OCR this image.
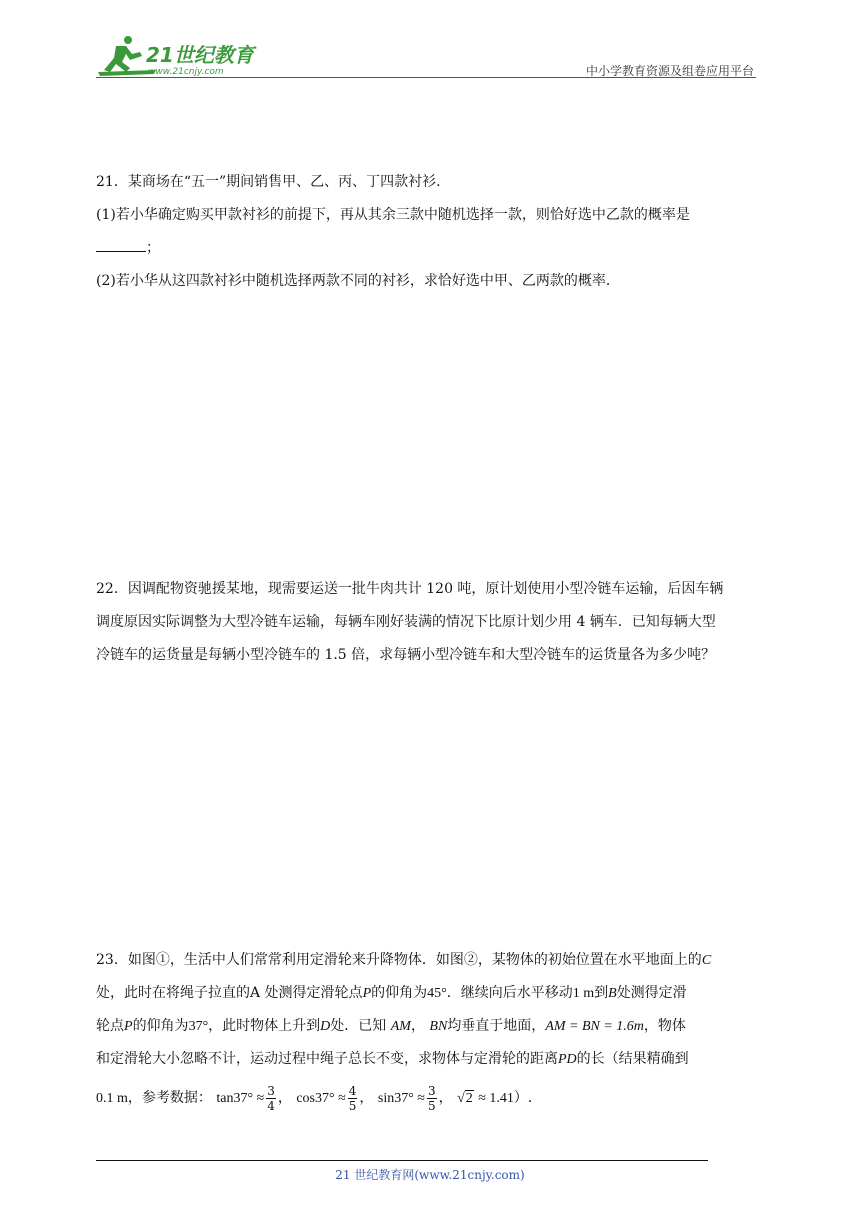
21世纪教育
www.21cnjy.com	中小学教育资源及组卷应用平台

21．某商场在“五一”期间销售甲、乙、丙、丁四款衬衫．

(1)若小华确定购买甲款衬衫的前提下，再从其余三款中随机选择一款，则恰好选中乙款的概率是

；

(2)若小华从这四款衬衫中随机选择两款不同的衬衫，求恰好选中甲、乙两款的概率．

22．因调配物资驰援某地，现需要运送一批牛肉共计 120 吨，原计划使用小型冷链车运输，后因车辆

调度原因实际调整为大型冷链车运输，每辆车刚好装满的情况下比原计划少用 4 辆车．已知每辆大型

冷链车的运货量是每辆小型冷链车的 1.5 倍，求每辆小型冷链车和大型冷链车的运货量各为多少吨？

23．如图①，生活中人们常常利用定滑轮来升降物体．如图②，某物体的初始位置在水平地面上的C

处，此时在将绳子拉直的A 处测得定滑轮点P的仰角为45°．继续向后水平移动1 m到B处测得定滑

轮点P的仰角为37°，此时物体上升到D处．已知 AM， BN均垂直于地面，AM = BN = 1.6m，物体

和定滑轮大小忽略不计，运动过程中绳子总长不变，求物体与定滑轮的距离PD的长（结果精确到

0.1 m，参考数据： $\tan 37^\circ \approx \frac{3}{4}$ ， $\cos 37^\circ \approx \frac{4}{5}$ ， $\sin 37^\circ \approx \frac{3}{5}$ ， √2 ≈ 1.41）.

21 世纪教育网(www.21cnjy.com)
